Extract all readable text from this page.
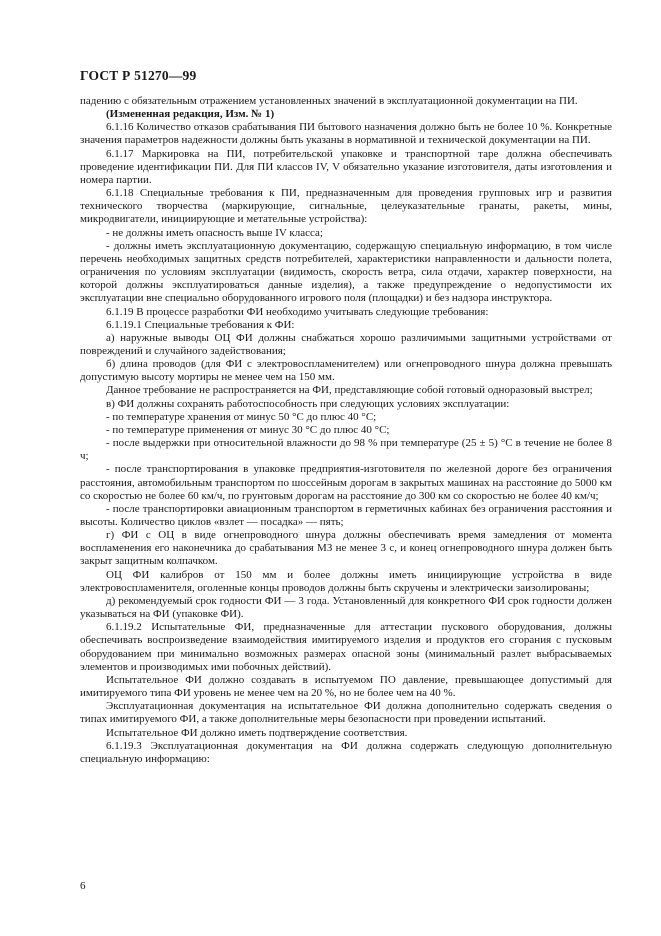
ГОСТ Р 51270—99

падению с обязательным отражением установленных значений в эксплуатационной документации на ПИ.

(Измененная редакция, Изм. № 1)

6.1.16 Количество отказов срабатывания ПИ бытового назначения должно быть не более 10 %. Конкретные значения параметров надежности должны быть указаны в нормативной и технической документации на ПИ.

6.1.17 Маркировка на ПИ, потребительской упаковке и транспортной таре должна обеспечивать проведение идентификации ПИ. Для ПИ классов IV, V обязательно указание изготовителя, даты изготовления и номера партии.

6.1.18 Специальные требования к ПИ, предназначенным для проведения групповых игр и развития технического творчества (маркирующие, сигнальные, целеуказательные гранаты, ракеты, мины, микродвигатели, инициирующие и метательные устройства):

- не должны иметь опасность выше IV класса;

- должны иметь эксплуатационную документацию, содержащую специальную информацию, в том числе перечень необходимых защитных средств потребителей, характеристики направленности и дальности полета, ограничения по условиям эксплуатации (видимость, скорость ветра, сила отдачи, характер поверхности, на которой должны эксплуатироваться данные изделия), а также предупреждение о недопустимости их эксплуатации вне специально оборудованного игрового поля (площадки) и без надзора инструктора.

6.1.19 В процессе разработки ФИ необходимо учитывать следующие требования:

6.1.19.1 Специальные требования к ФИ:

а) наружные выводы ОЦ ФИ должны снабжаться хорошо различимыми защитными устройствами от повреждений и случайного задействования;

б) длина проводов (для ФИ с электровоспламенителем) или огнепроводного шнура должна превышать допустимую высоту мортиры не менее чем на 150 мм.

Данное требование не распространяется на ФИ, представляющие собой готовый одноразовый выстрел;

в) ФИ должны сохранять работоспособность при следующих условиях эксплуатации:

- по температуре хранения от минус 50 °С до плюс 40 °С;

- по температуре применения от минус 30 °С до плюс 40 °С;

- после выдержки при относительной влажности до 98 % при температуре (25 ± 5) °С в течение не более 8 ч;

- после транспортирования в упаковке предприятия-изготовителя по железной дороге без ограничения расстояния, автомобильным транспортом по шоссейным дорогам в закрытых машинах на расстояние до 5000 км со скоростью не более 60 км/ч, по грунтовым дорогам на расстояние до 300 км со скоростью не более 40 км/ч;

- после транспортировки авиационным транспортом в герметичных кабинах без ограничения расстояния и высоты. Количество циклов «взлет — посадка» — пять;

г) ФИ с ОЦ в виде огнепроводного шнура должны обеспечивать время замедления от момента воспламенения его наконечника до срабатывания МЗ не менее 3 с, и конец огнепроводного шнура должен быть закрыт защитным колпачком.

ОЦ ФИ калибров от 150 мм и более должны иметь инициирующие устройства в виде электровоспламенителя, оголенные концы проводов должны быть скручены и электрически заизолированы;

д) рекомендуемый срок годности ФИ — 3 года. Установленный для конкретного ФИ срок годности должен указываться на ФИ (упаковке ФИ).

6.1.19.2 Испытательные ФИ, предназначенные для аттестации пускового оборудования, должны обеспечивать воспроизведение взаимодействия имитируемого изделия и продуктов его сгорания с пусковым оборудованием при минимально возможных размерах опасной зоны (минимальный разлет выбрасываемых элементов и производимых ими побочных действий).

Испытательное ФИ должно создавать в испытуемом ПО давление, превышающее допустимый для имитируемого типа ФИ уровень не менее чем на 20 %, но не более чем на 40 %.

Эксплуатационная документация на испытательное ФИ должна дополнительно содержать сведения о типах имитируемого ФИ, а также дополнительные меры безопасности при проведении испытаний.

Испытательное ФИ должно иметь подтверждение соответствия.

6.1.19.3 Эксплуатационная документация на ФИ должна содержать следующую дополнительную специальную информацию:

6
